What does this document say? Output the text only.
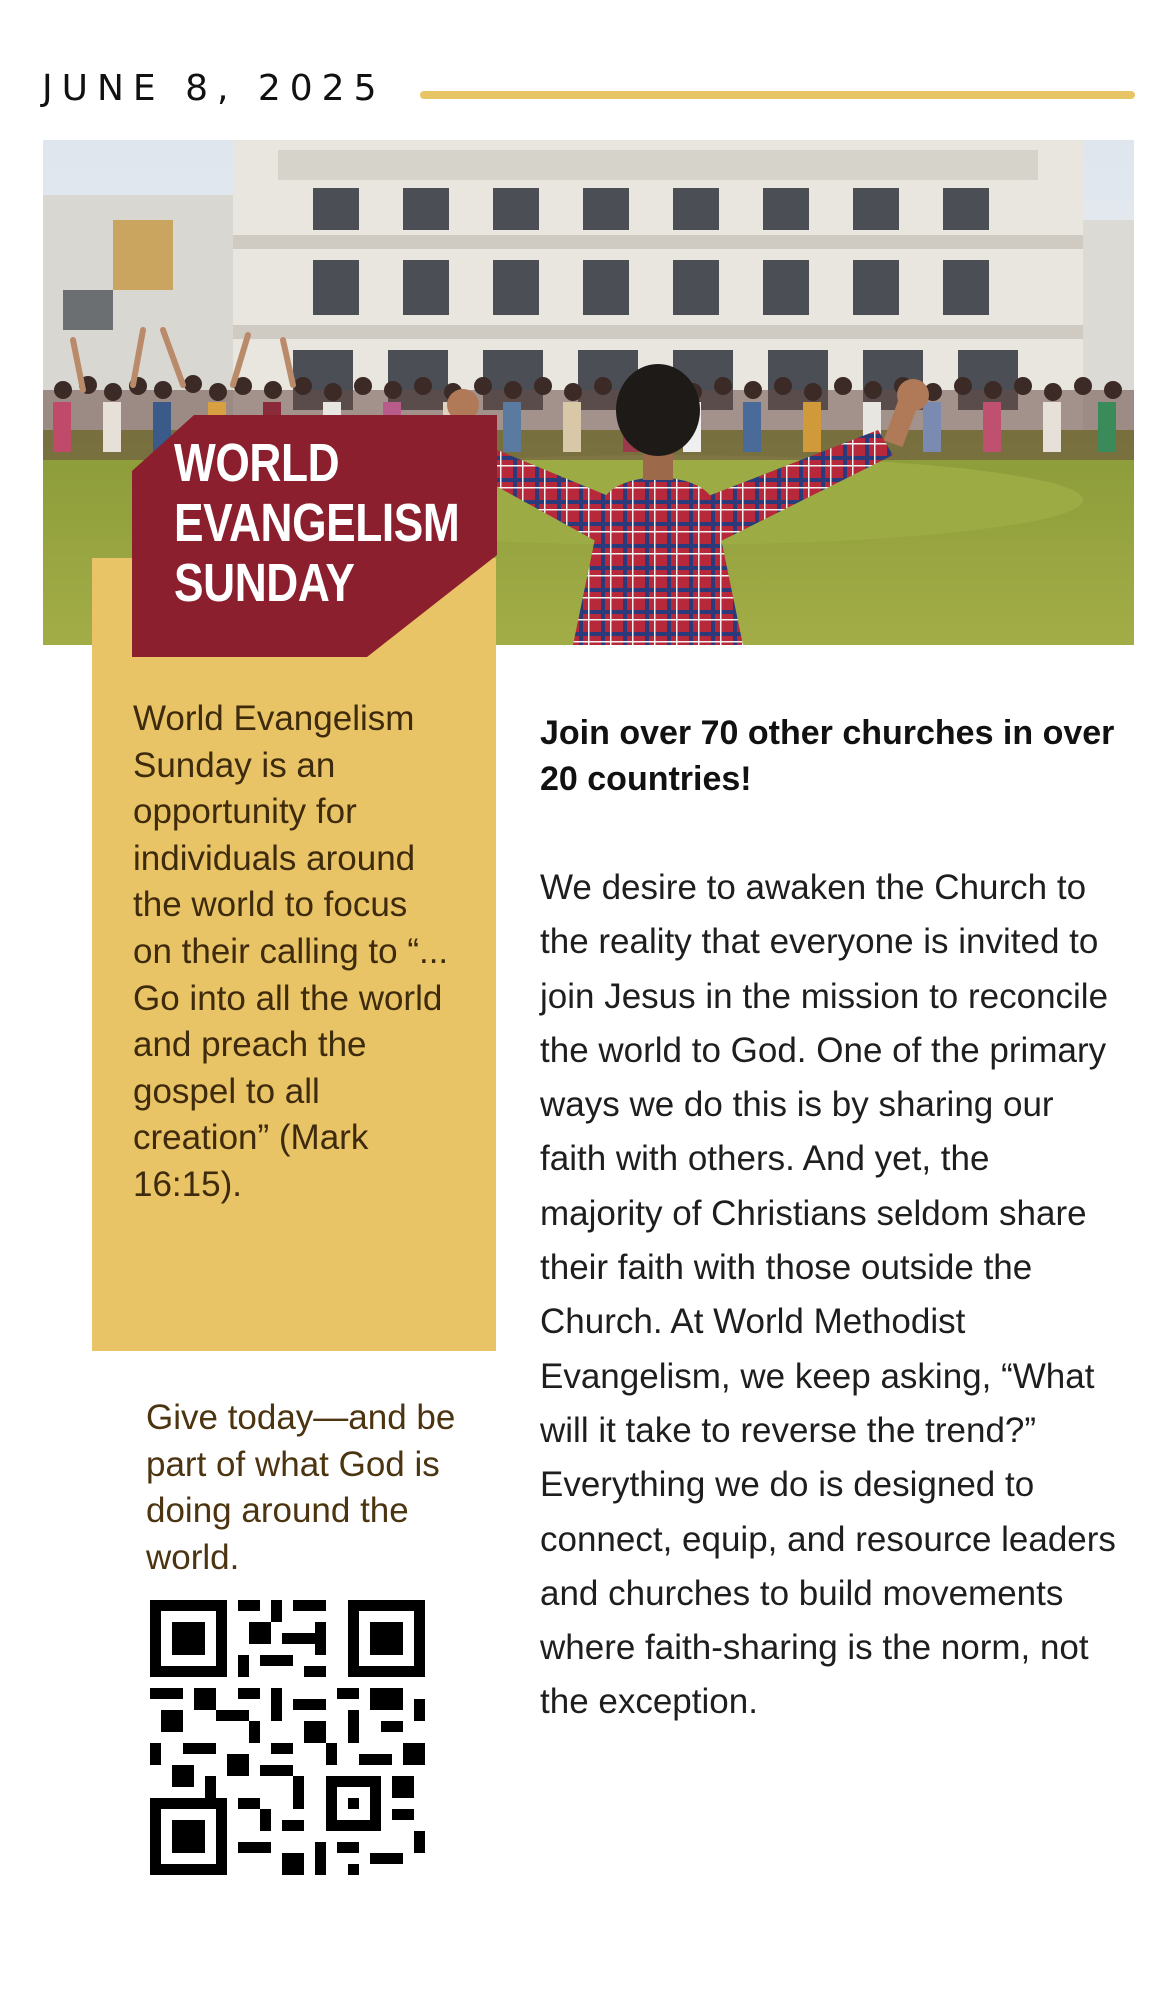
JUNE 8, 2025
WORLD
EVANGELISM
SUNDAY
World Evangelism Sunday is an opportunity for individuals around the world to focus on their calling to “... Go into all the world and preach the gospel to all creation” (Mark 16:15).
Give today—and be part of what God is doing around the world.
Join over 70 other churches in over 20 countries!
We desire to awaken the Church to the reality that everyone is invited to join Jesus in the mission to reconcile the world to God. One of the primary ways we do this is by sharing our faith with others. And yet, the majority of Christians seldom share their faith with those outside the Church. At World Methodist Evangelism, we keep asking, “What will it take to reverse the trend?” Everything we do is designed to connect, equip, and resource leaders and churches to build movements where faith-sharing is the norm, not the exception.
